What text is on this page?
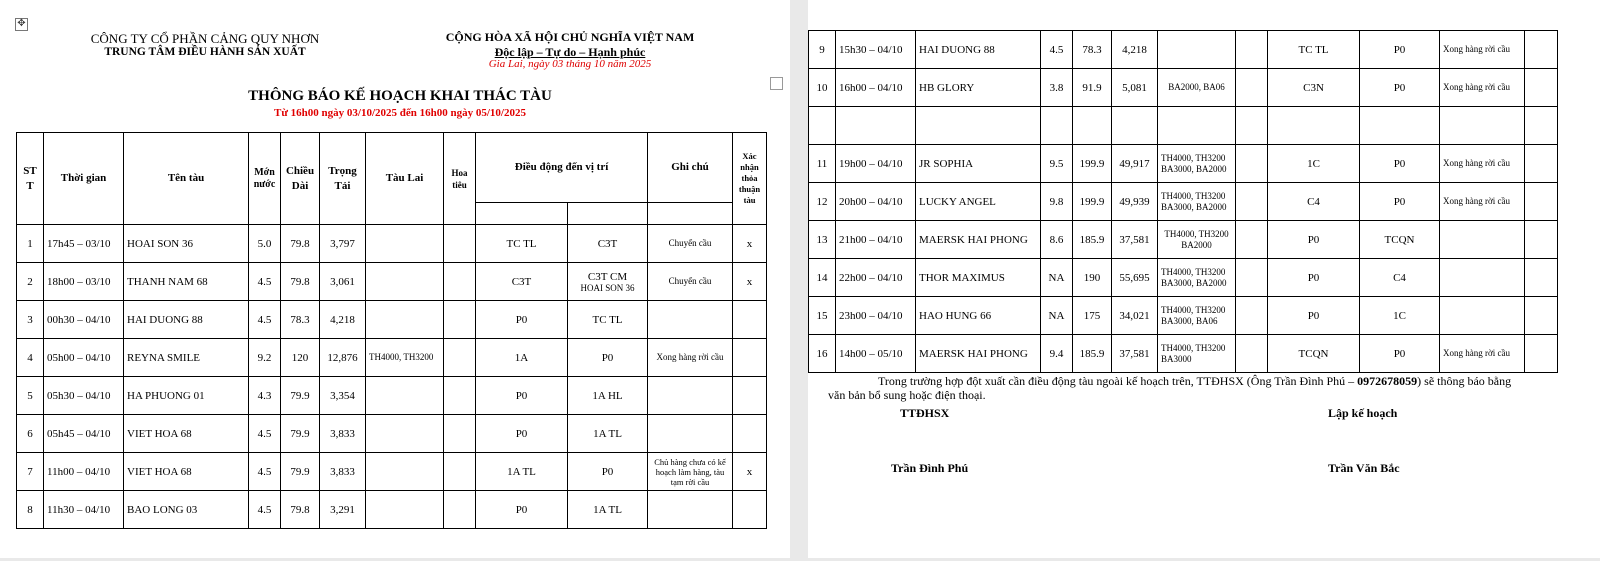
✥
CÔNG TY CỔ PHẦN CẢNG QUY NHƠN
TRUNG TÂM ĐIỀU HÀNH SẢN XUẤT
CỘNG HÒA XÃ HỘI CHỦ NGHĨA VIỆT NAM
Độc lập – Tự do – Hạnh phúc
Gia Lai, ngày 03 tháng 10 năm 2025
THÔNG BÁO KẾ HOẠCH KHAI THÁC TÀU
Từ 16h00 ngày 03/10/2025 đến 16h00 ngày 05/10/2025
ST T	Thời gian	Tên tàu	Mớn nước	Chiều Dài	Trọng Tải	Tàu Lai	Hoa tiêu	Điều động đến vị trí		Ghi chú	Xác nhận thỏa thuận tàu

1	17h45 – 03/10	HOAI SON 36	5.0	79.8	3,797			TC TL	C3T	Chuyển cầu	x
2	18h00 – 03/10	THANH NAM 68	4.5	79.8	3,061			C3T	C3T CM
HOAI SON 36	Chuyển cầu	x
3	00h30 – 04/10	HAI DUONG 88	4.5	78.3	4,218			P0	TC TL		
4	05h00 – 04/10	REYNA SMILE	9.2	120	12,876	TH4000, TH3200		1A	P0	Xong hàng rời cầu	
5	05h30 – 04/10	HA PHUONG 01	4.3	79.9	3,354			P0	1A HL		
6	05h45 – 04/10	VIET HOA 68	4.5	79.9	3,833			P0	1A TL		
7	11h00 – 04/10	VIET HOA 68	4.5	79.9	3,833			1A TL	P0	Chủ hàng chưa có kế hoạch làm hàng, tàu tạm rời cầu	x
8	11h30 – 04/10	BAO LONG 03	4.5	79.8	3,291			P0	1A TL		
9	15h30 – 04/10	HAI DUONG 88	4.5	78.3	4,218			TC TL	P0	Xong hàng rời cầu	
10	16h00 – 04/10	HB GLORY	3.8	91.9	5,081	BA2000, BA06		C3N	P0	Xong hàng rời cầu	

11	19h00 – 04/10	JR SOPHIA	9.5	199.9	49,917	TH4000, TH3200 BA3000, BA2000		1C	P0	Xong hàng rời cầu	
12	20h00 – 04/10	LUCKY ANGEL	9.8	199.9	49,939	TH4000, TH3200 BA3000, BA2000		C4	P0	Xong hàng rời cầu	
13	21h00 – 04/10	MAERSK HAI PHONG	8.6	185.9	37,581	TH4000, TH3200 BA2000		P0	TCQN		
14	22h00 – 04/10	THOR MAXIMUS	NA	190	55,695	TH4000, TH3200 BA3000, BA2000		P0	C4		
15	23h00 – 04/10	HAO HUNG 66	NA	175	34,021	TH4000, TH3200 BA3000, BA06		P0	1C		
16	14h00 – 05/10	MAERSK HAI PHONG	9.4	185.9	37,581	TH4000, TH3200 BA3000		TCQN	P0	Xong hàng rời cầu	
Trong trường hợp đột xuất cần điều động tàu ngoài kế hoạch trên, TTĐHSX (Ông Trần Đình Phú – 0972678059) sẽ thông báo bằng
văn bản bổ sung hoặc điện thoại.
TTĐHSX	Lập kế hoạch
Trần Đình Phú	Trần Văn Bắc
